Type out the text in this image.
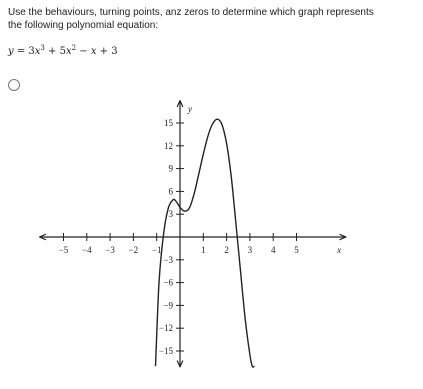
Use the behaviours, turning points, anz zeros to determine which graph represents
the following polynomial equation:
$y = 3x^3 + 5x^2 - x + 3$
−5 −4 −3 −2 −1	1 2 3 4 5
15
12
9
6
3
−3
−6
−9
−12
−15
x
y
